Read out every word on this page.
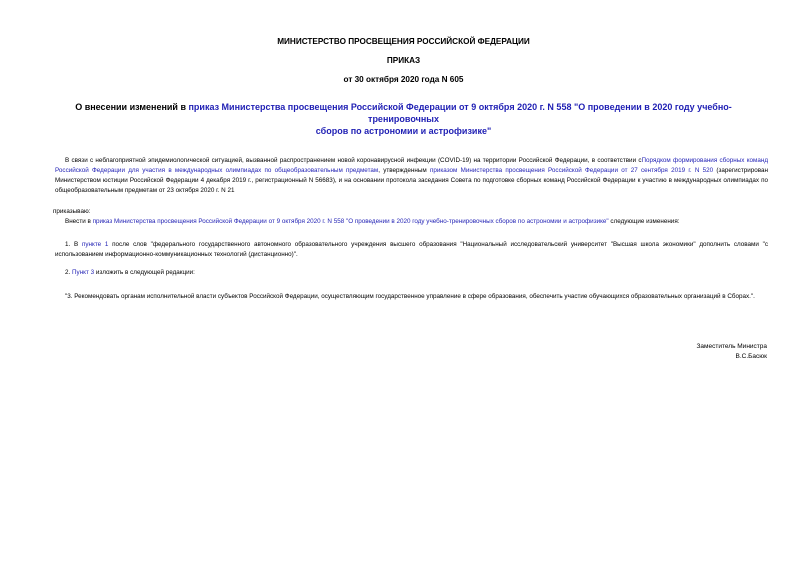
МИНИСТЕРСТВО ПРОСВЕЩЕНИЯ РОССИЙСКОЙ ФЕДЕРАЦИИ
ПРИКАЗ
от 30 октября 2020 года N 605
О внесении изменений в приказ Министерства просвещения Российской Федерации от 9 октября 2020 г. N 558 "О проведении в 2020 году учебно-тренировочных
сборов по астрономии и астрофизике"
В связи с неблагоприятной эпидемиологической ситуацией, вызванной распространением новой коронавирусной инфекции (COVID-19) на территории Российской Федерации, в соответствии сПорядком формирования сборных команд Российской Федерации для участия в международных олимпиадах по общеобразовательным предметам, утвержденным приказом Министерства просвещения Российской Федерации от 27 сентября 2019 г. N 520 (зарегистрирован Министерством юстиции Российской Федерации 4 декабря 2019 г., регистрационный N 56683), и на основании протокола заседания Совета по подготовке сборных команд Российской Федерации к участию в международных олимпиадах по общеобразовательным предметам от 23 октября 2020 г. N 21
приказываю:
Внести в приказ Министерства просвещения Российской Федерации от 9 октября 2020 г. N 558 "О проведении в 2020 году учебно-тренировочных сборов по астрономии и астрофизике" следующие изменения:
1. В пункте 1 после слов "федерального государственного автономного образовательного учреждения высшего образования "Национальный исследовательский университет "Высшая школа экономики" дополнить словами "с использованием информационно-коммуникационных технологий (дистанционно)".
2. Пункт 3 изложить в следующей редакции:
"3. Рекомендовать органам исполнительной власти субъектов Российской Федерации, осуществляющим государственное управление в сфере образования, обеспечить участие обучающихся образовательных организаций в Сборах.".
Заместитель Министра
В.С.Басюк
